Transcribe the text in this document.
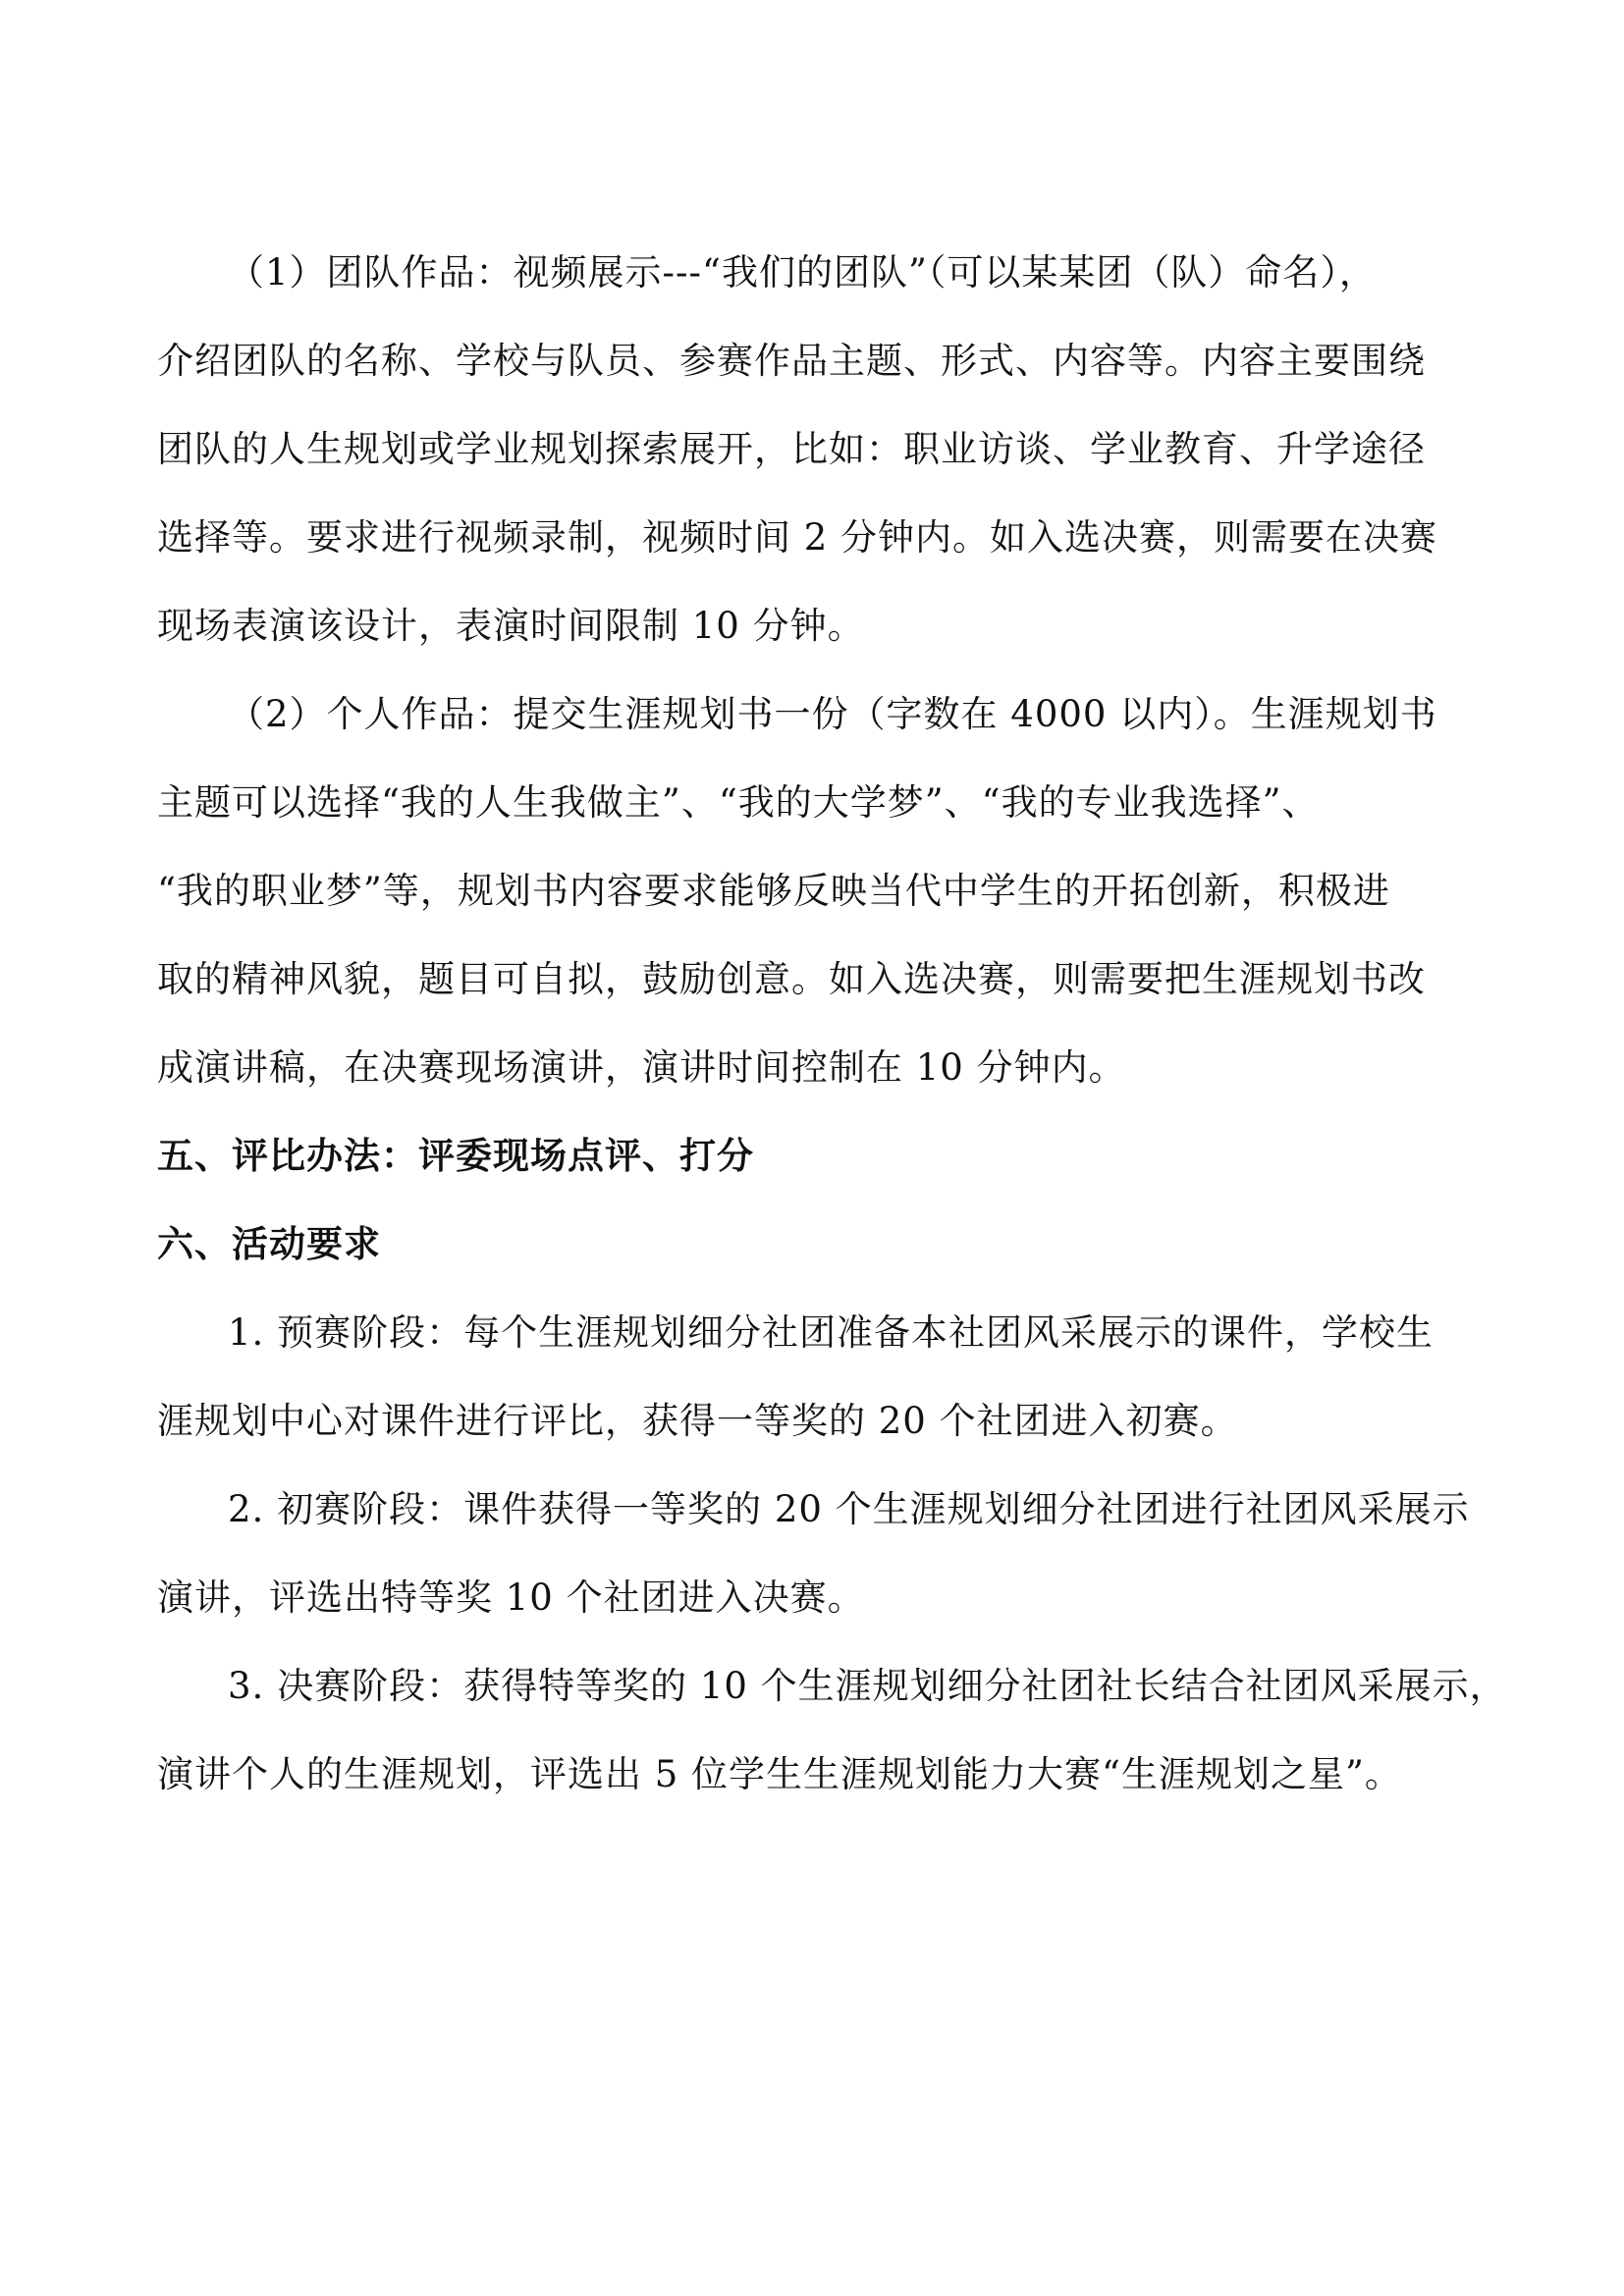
（1）团队作品：视频展示---“我们的团队”（可以某某团（队）命名），
介绍团队的名称、学校与队员、参赛作品主题、形式、内容等。内容主要围绕
团队的人生规划或学业规划探索展开，比如：职业访谈、学业教育、升学途径
选择等。要求进行视频录制，视频时间 2 分钟内。如入选决赛，则需要在决赛
现场表演该设计，表演时间限制 10 分钟。
（2）个人作品：提交生涯规划书一份（字数在 4000 以内）。生涯规划书
主题可以选择“我的人生我做主”、“我的大学梦”、“我的专业我选择”、
“我的职业梦”等，规划书内容要求能够反映当代中学生的开拓创新，积极进
取的精神风貌，题目可自拟，鼓励创意。如入选决赛，则需要把生涯规划书改
成演讲稿，在决赛现场演讲，演讲时间控制在 10 分钟内。
五、评比办法：评委现场点评、打分
六、活动要求
1. 预赛阶段：每个生涯规划细分社团准备本社团风采展示的课件，学校生
涯规划中心对课件进行评比，获得一等奖的 20 个社团进入初赛。
2. 初赛阶段：课件获得一等奖的 20 个生涯规划细分社团进行社团风采展示
演讲，评选出特等奖 10 个社团进入决赛。
3. 决赛阶段：获得特等奖的 10 个生涯规划细分社团社长结合社团风采展示，
演讲个人的生涯规划，评选出 5 位学生生涯规划能力大赛“生涯规划之星”。
